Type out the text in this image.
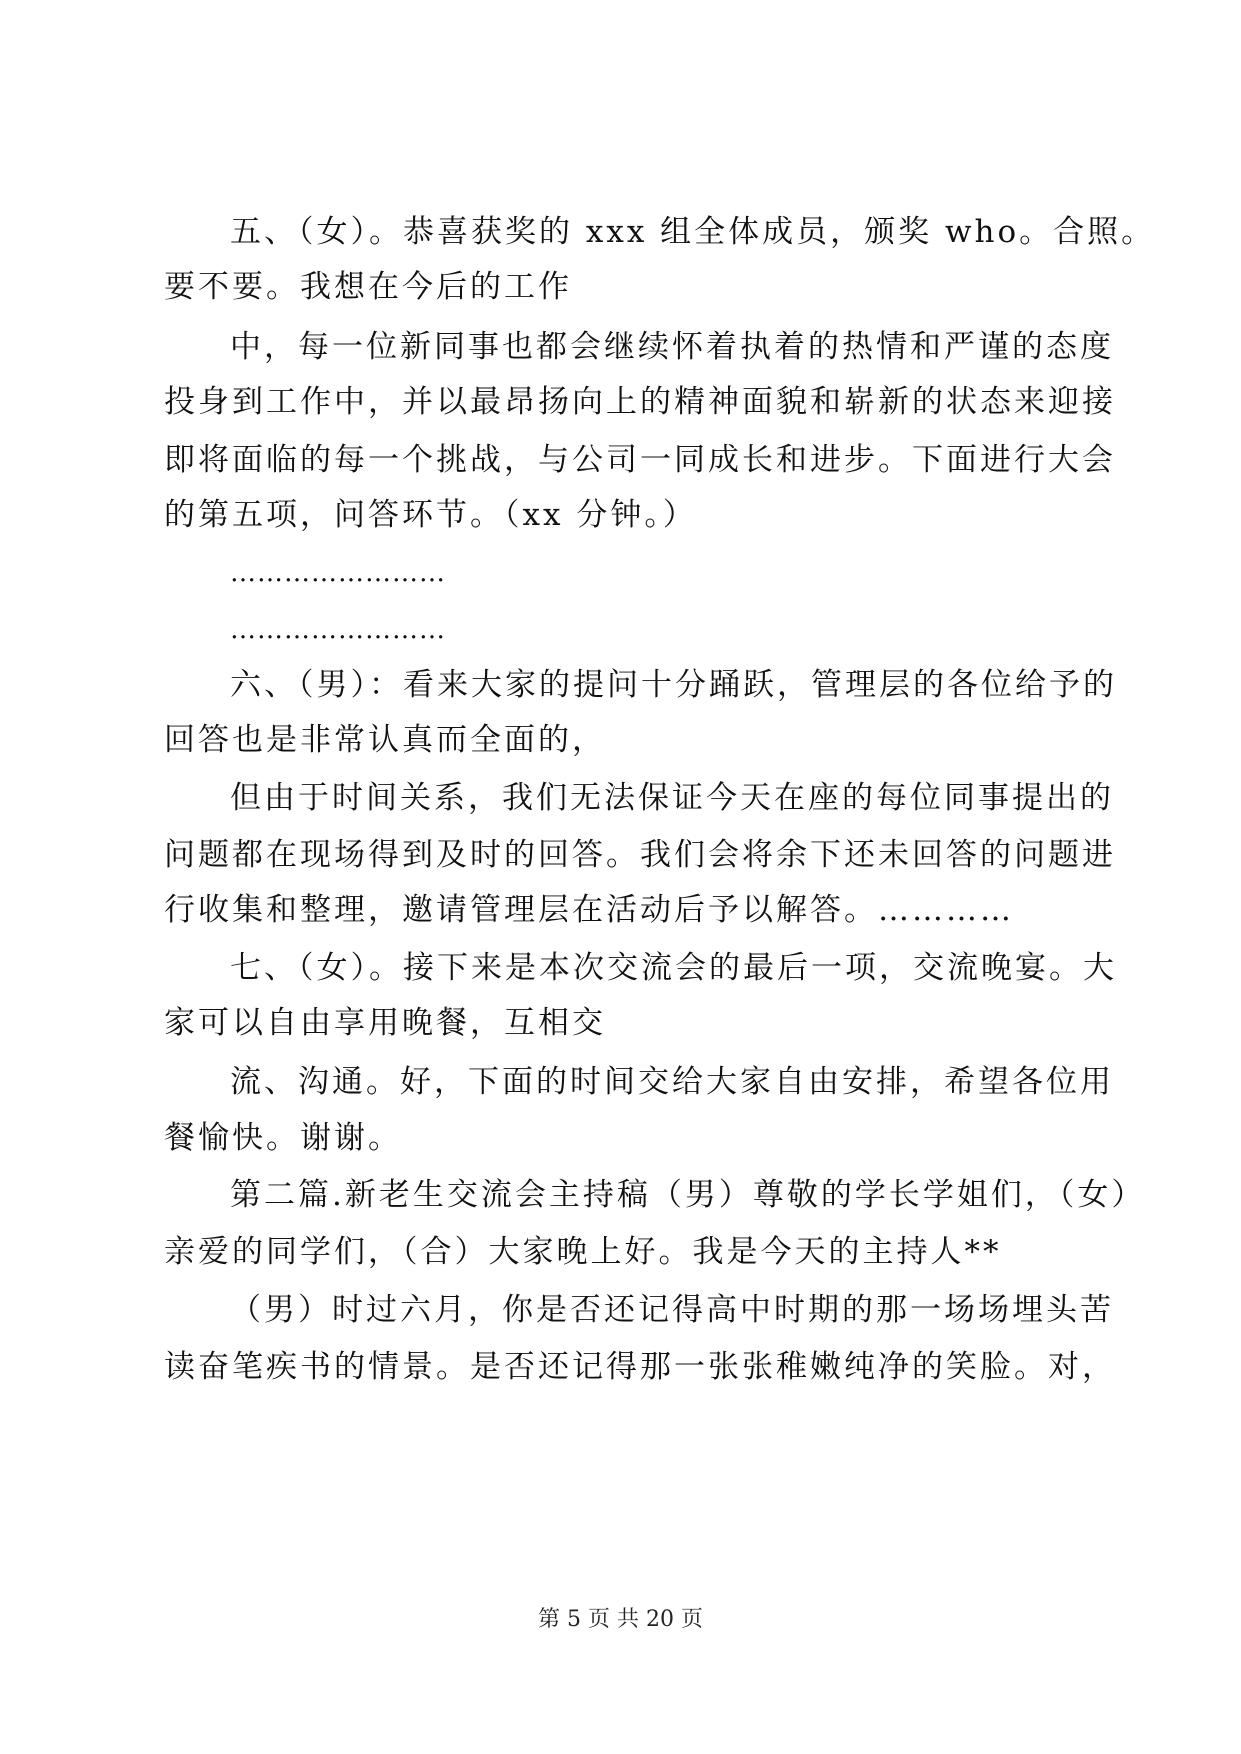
五、（女）。恭喜获奖的 xxx 组全体成员，颁奖 who。合照。
要不要。我想在今后的工作
中，每一位新同事也都会继续怀着执着的热情和严谨的态度
投身到工作中，并以最昂扬向上的精神面貌和崭新的状态来迎接
即将面临的每一个挑战，与公司一同成长和进步。下面进行大会
的第五项，问答环节。（xx 分钟。）
……………………
……………………
六、（男）：看来大家的提问十分踊跃，管理层的各位给予的
回答也是非常认真而全面的，
但由于时间关系，我们无法保证今天在座的每位同事提出的
问题都在现场得到及时的回答。我们会将余下还未回答的问题进
行收集和整理，邀请管理层在活动后予以解答。…………
七、（女）。接下来是本次交流会的最后一项，交流晚宴。大
家可以自由享用晚餐，互相交
流、沟通。好，下面的时间交给大家自由安排，希望各位用
餐愉快。谢谢。
第二篇.新老生交流会主持稿（男）尊敬的学长学姐们，（女）
亲爱的同学们，（合）大家晚上好。我是今天的主持人**
（男）时过六月，你是否还记得高中时期的那一场场埋头苦
读奋笔疾书的情景。是否还记得那一张张稚嫩纯净的笑脸。对，
第 5 页 共 20 页
